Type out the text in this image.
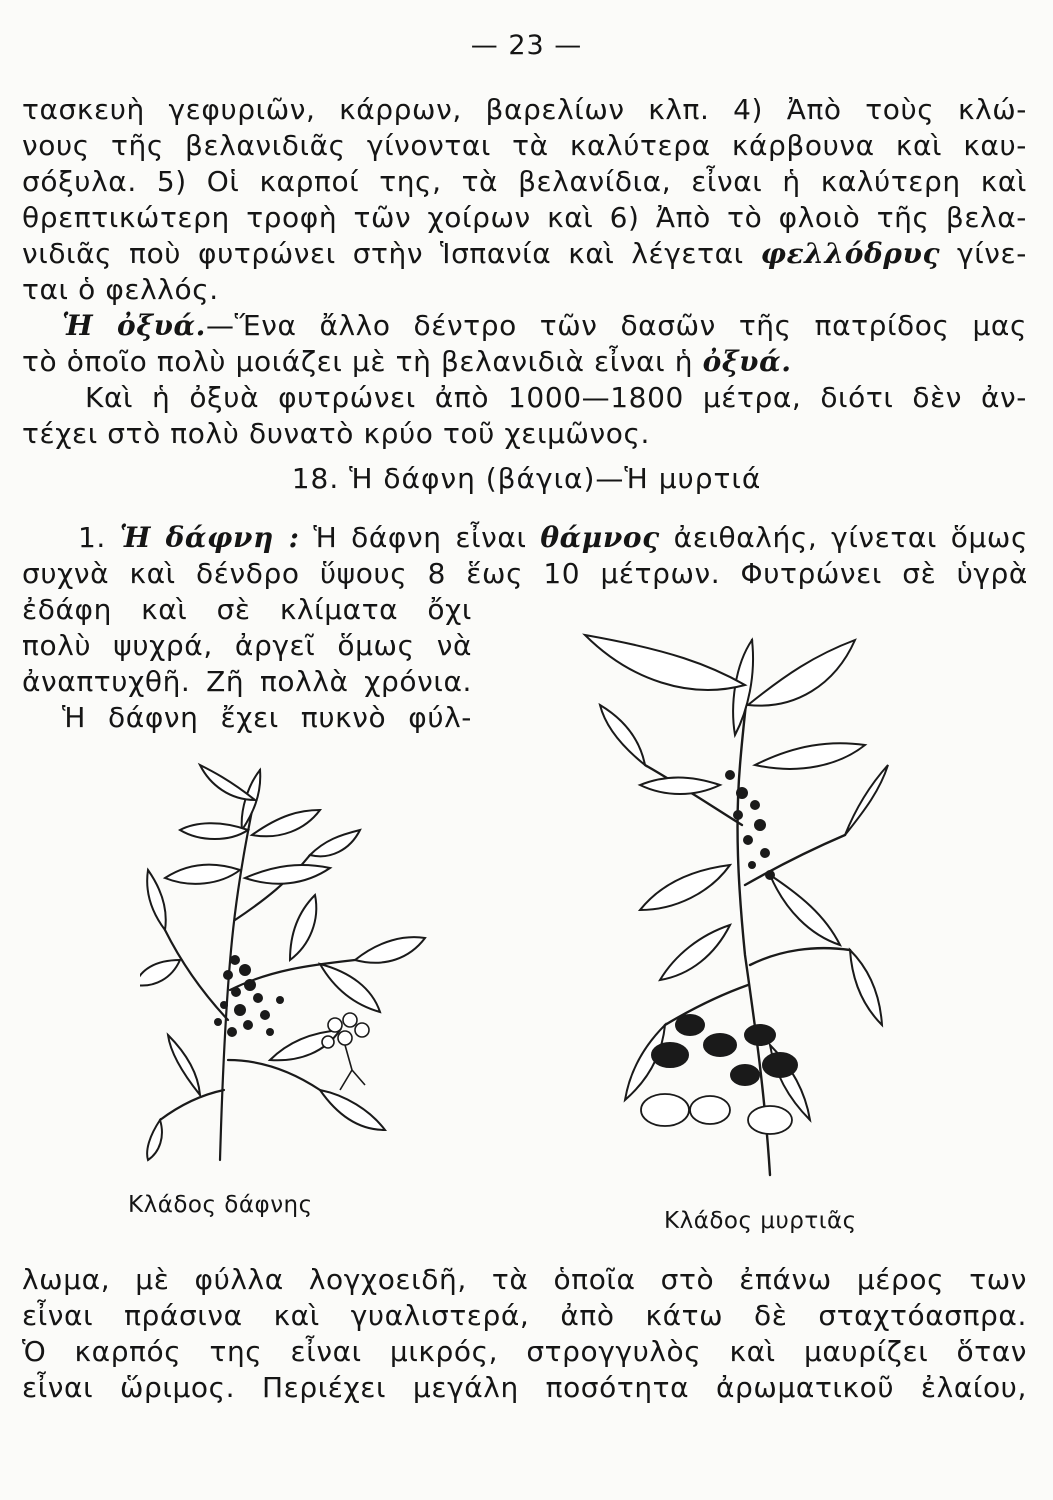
— 23 —
τασκευὴ γεφυριῶν, κάρρων, βαρελίων κλπ. 4) Ἀπὸ τοὺς κλώ-
νους τῆς βελανιδιᾶς γίνονται τὰ καλύτερα κάρβουνα καὶ καυ-
σόξυλα. 5) Οἱ καρποί της, τὰ βελανίδια, εἶναι ἡ καλύτερη καὶ
θρεπτικώτερη τροφὴ τῶν χοίρων καὶ 6) Ἀπὸ τὸ φλοιὸ τῆς βελα-
νιδιᾶς ποὺ φυτρώνει στὴν Ἱσπανία καὶ λέγεται φελλόδρυς γίνε-
ται ὁ φελλός.
Ἡ ὀξυά.—Ἕνα ἄλλο δέντρο τῶν δασῶν τῆς πατρίδος μας
τὸ ὁποῖο πολὺ μοιάζει μὲ τὴ βελανιδιὰ εἶναι ἡ ὀξυά.
Καὶ ἡ ὀξυὰ φυτρώνει ἀπὸ 1000—1800 μέτρα, διότι δὲν ἀν-
τέχει στὸ πολὺ δυνατὸ κρύο τοῦ χειμῶνος.
18. Ἡ δάφνη (βάγια)—Ἡ μυρτιά
1. Ἡ δάφνη : Ἡ δάφνη εἶναι θάμνος ἀειθαλής, γίνεται ὅμως
συχνὰ καὶ δένδρο ὕψους 8 ἕως 10 μέτρων. Φυτρώνει σὲ ὑγρὰ
ἐδάφη καὶ σὲ κλίματα ὄχι
πολὺ ψυχρά, ἀργεῖ ὅμως νὰ
ἀναπτυχθῆ. Ζῆ πολλὰ χρόνια.
Ἡ δάφνη ἔχει πυκνὸ φύλ-
Κλάδος δάφνης
Κλάδος μυρτιᾶς
λωμα, μὲ φύλλα λογχοειδῆ, τὰ ὁποῖα στὸ ἐπάνω μέρος των
εἶναι πράσινα καὶ γυαλιστερά, ἀπὸ κάτω δὲ σταχτόασπρα.
Ὁ καρπός της εἶναι μικρός, στρογγυλὸς καὶ μαυρίζει ὅταν
εἶναι ὥριμος. Περιέχει μεγάλη ποσότητα ἀρωματικοῦ ἐλαίου,
